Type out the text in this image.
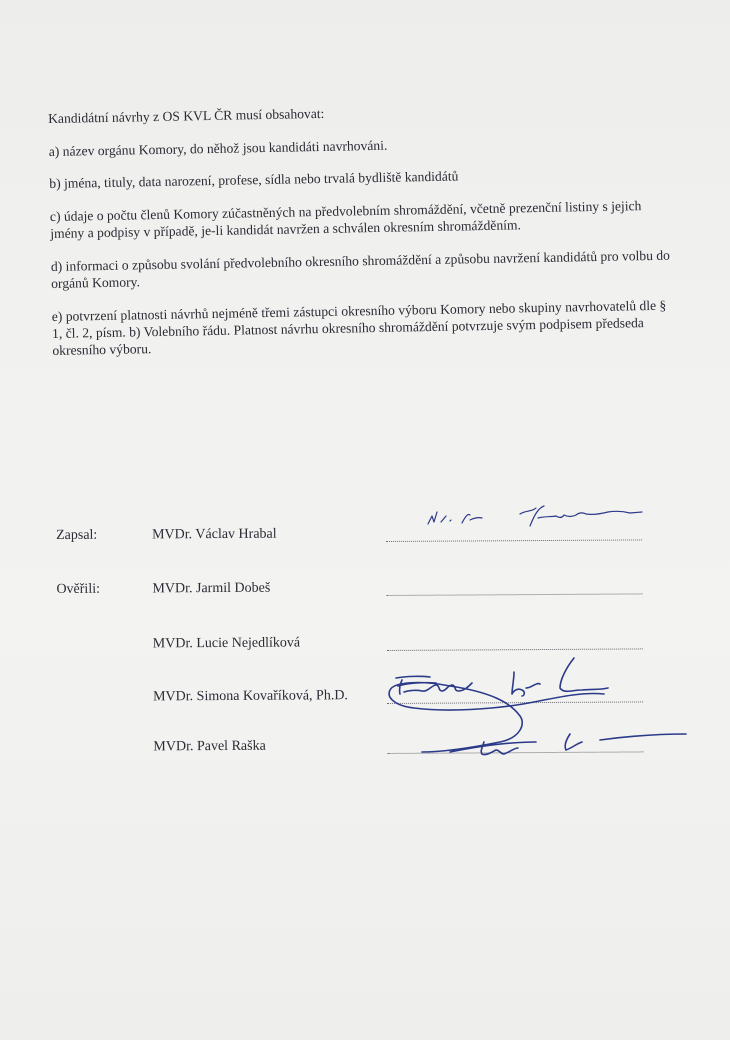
Kandidátní návrhy z OS KVL ČR musí obsahovat:

a) název orgánu Komory, do něhož jsou kandidáti navrhováni.

b) jména, tituly, data narození, profese, sídla nebo trvalá bydliště kandidátů

c) údaje o počtu členů Komory zúčastněných na předvolebním shromáždění, včetně prezenční listiny s jejich jmény a podpisy v případě, je-li kandidát navržen a schválen okresním shromážděním.

d) informaci o způsobu svolání předvolebního okresního shromáždění a způsobu navržení kandidátů pro volbu do orgánů Komory.

e) potvrzení platnosti návrhů nejméně třemi zástupci okresního výboru Komory nebo skupiny navrhovatelů dle § 1, čl. 2, písm. b) Volebního řádu. Platnost návrhu okresního shromáždění potvrzuje svým podpisem předseda okresního výboru.

Zapsal:	MVDr. Václav Hrabal
Ověřili:	MVDr. Jarmil Dobeš
MVDr. Lucie Nejedlíková
MVDr. Simona Kovaříková, Ph.D.
MVDr. Pavel Raška
